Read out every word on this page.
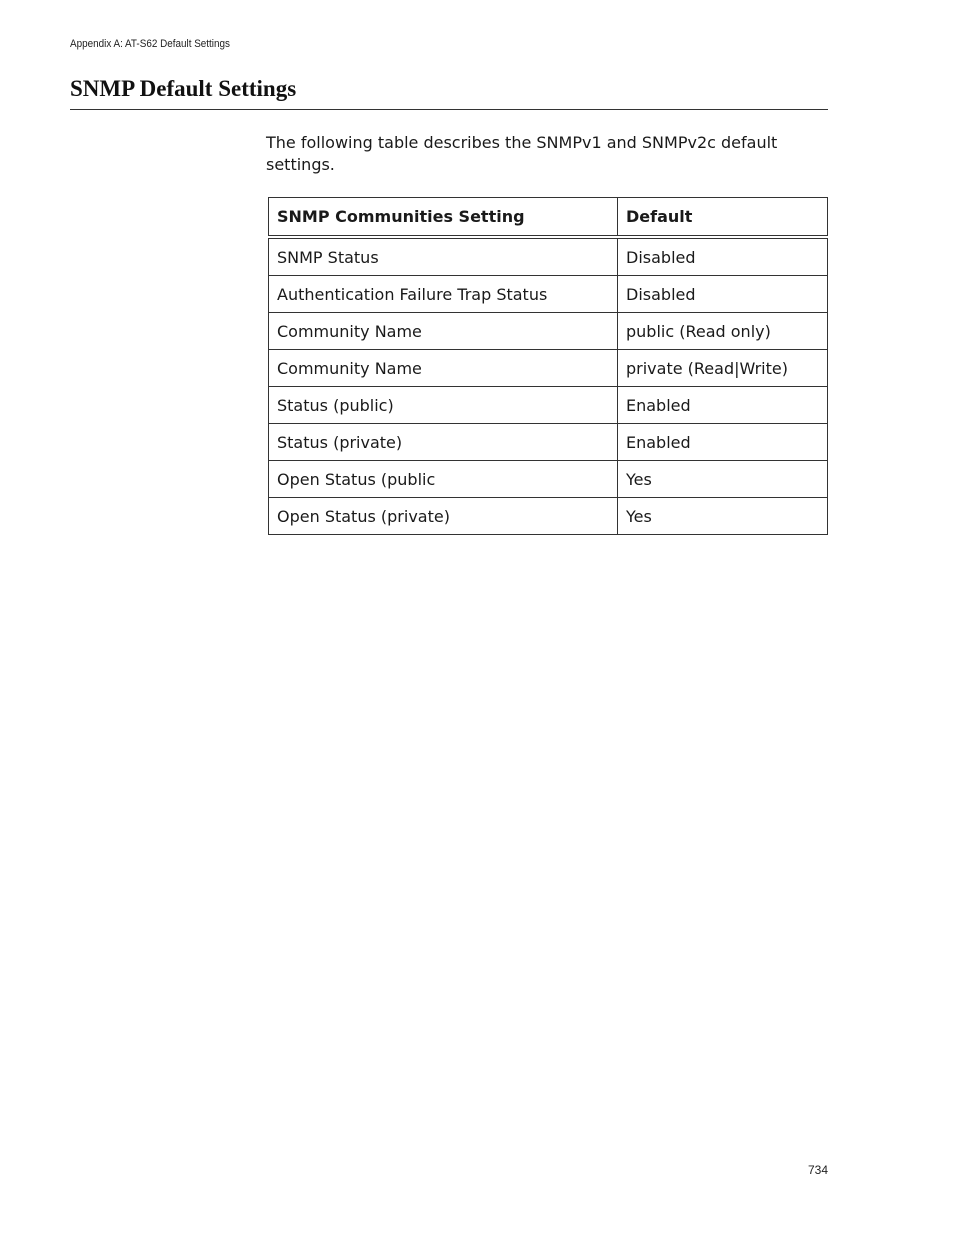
Appendix A: AT-S62 Default Settings
SNMP Default Settings

The following table describes the SNMPv1 and SNMPv2c default settings.

SNMP Communities Setting	Default
SNMP Status	Disabled
Authentication Failure Trap Status	Disabled
Community Name	public (Read only)
Community Name	private (Read|Write)
Status (public)	Enabled
Status (private)	Enabled
Open Status (public	Yes
Open Status (private)	Yes
734
